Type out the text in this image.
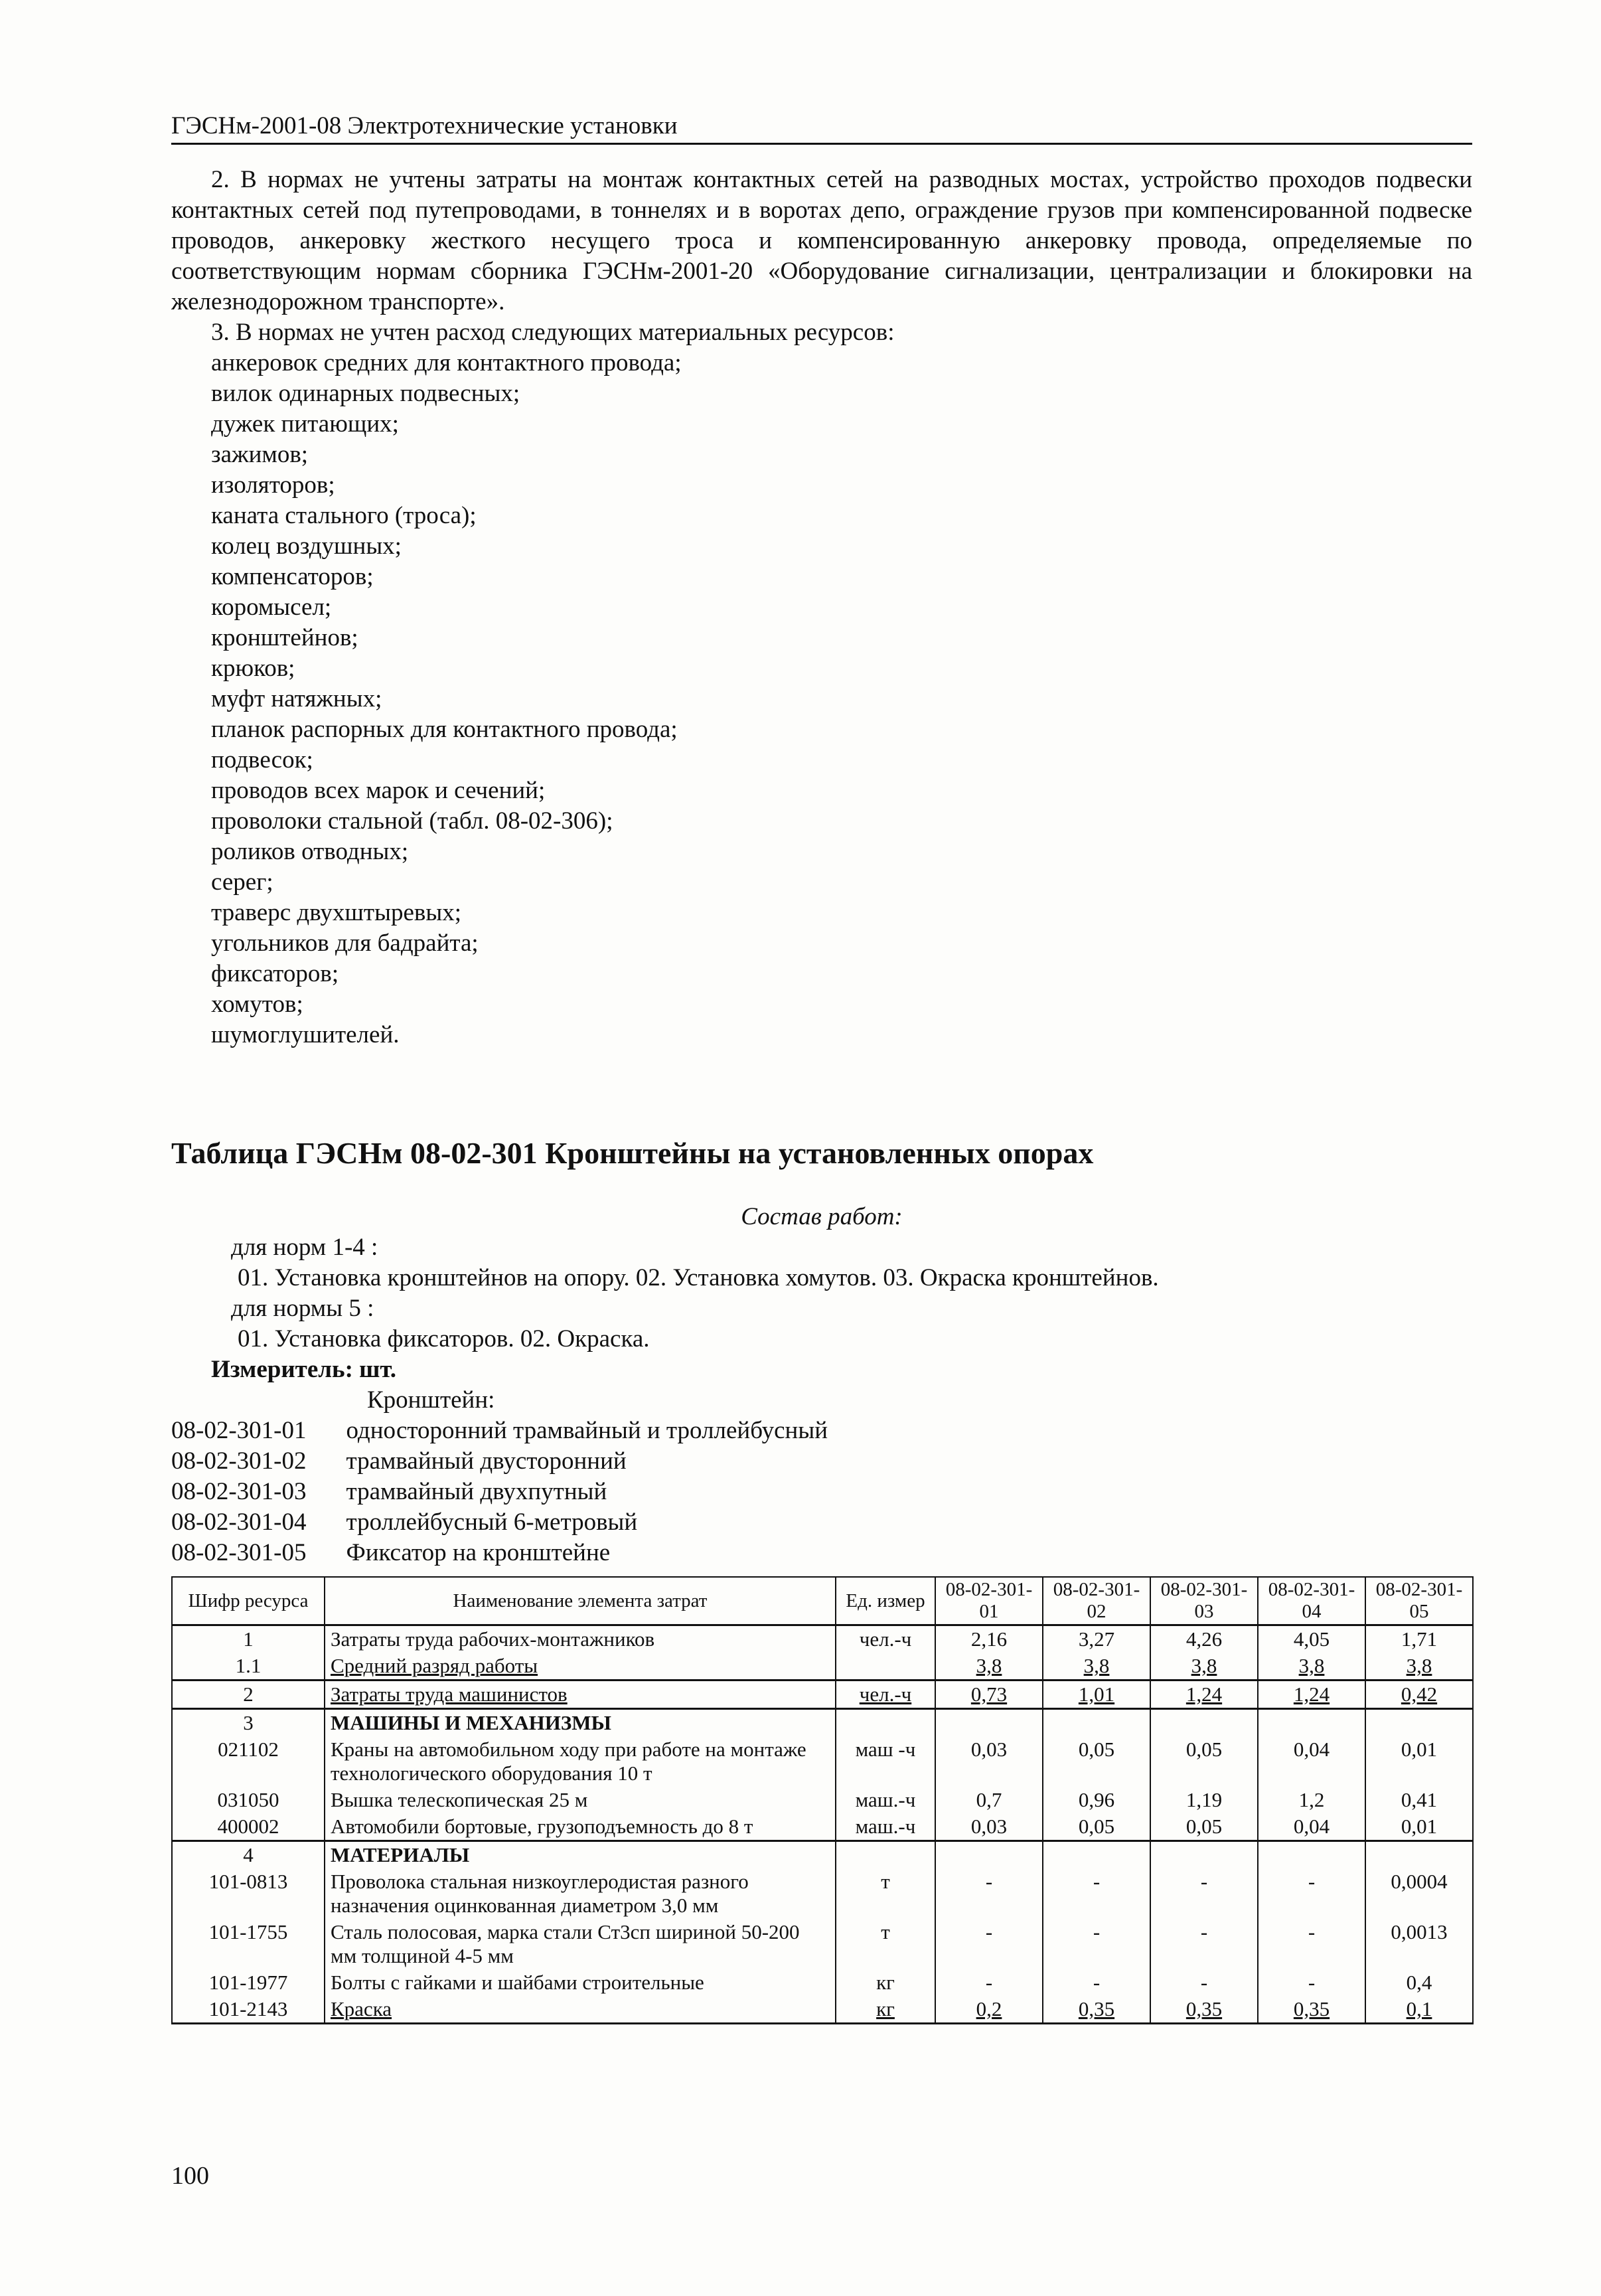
ГЭСНм-2001-08 Электротехнические установки

2. В нормах не учтены затраты на монтаж контактных сетей на разводных мостах, устройство проходов подвески контактных сетей под путепроводами, в тоннелях и в воротах депо, ограждение грузов при компенсированной подвеске проводов, анкеровку жесткого несущего троса и компенсированную анкеровку провода, определяемые по соответствующим нормам сборника ГЭСНм-2001-20 «Оборудование сигнализации, централизации и блокировки на железнодорожном транспорте».

3. В нормах не учтен расход следующих материальных ресурсов:

анкеровок средних для контактного провода;
вилок одинарных подвесных;
дужек питающих;
зажимов;
изоляторов;
каната стального (троса);
колец воздушных;
компенсаторов;
коромысел;
кронштейнов;
крюков;
муфт натяжных;
планок распорных для контактного провода;
подвесок;
проводов всех марок и сечений;
проволоки стальной (табл. 08-02-306);
роликов отводных;
серег;
траверс двухштыревых;
угольников для бадрайта;
фиксаторов;
хомутов;
шумоглушителей.
Таблица ГЭСНм 08-02-301 Кронштейны на установленных опорах
Состав работ:
для норм 1-4 :
01. Установка кронштейнов на опору. 02. Установка хомутов. 03. Окраска кронштейнов.
для нормы 5 :
01. Установка фиксаторов. 02. Окраска.
Измеритель: шт.
Кронштейн:
08-02-301-01	односторонний трамвайный и троллейбусный
08-02-301-02	трамвайный двусторонний
08-02-301-03	трамвайный двухпутный
08-02-301-04	троллейбусный 6-метровый
08-02-301-05	Фиксатор на кронштейне
Шифр ресурса	Наименование элемента затрат	Ед. измер	08-02-301-01	08-02-301-02	08-02-301-03	08-02-301-04	08-02-301-05
1	Затраты труда рабочих-монтажников	чел.-ч	2,16	3,27	4,26	4,05	1,71
1.1	Средний разряд работы		3,8	3,8	3,8	3,8	3,8
2	Затраты труда машинистов	чел.-ч	0,73	1,01	1,24	1,24	0,42
3	МАШИНЫ И МЕХАНИЗМЫ						
021102	Краны на автомобильном ходу при работе на монтаже технологического оборудования 10 т	маш -ч	0,03	0,05	0,05	0,04	0,01
031050	Вышка телескопическая 25 м	маш.-ч	0,7	0,96	1,19	1,2	0,41
400002	Автомобили бортовые, грузоподъемность до 8 т	маш.-ч	0,03	0,05	0,05	0,04	0,01
4	МАТЕРИАЛЫ						
101-0813	Проволока стальная низкоуглеродистая разного назначения оцинкованная диаметром 3,0 мм	т	-	-	-	-	0,0004
101-1755	Сталь полосовая, марка стали Ст3сп шириной 50-200 мм толщиной 4-5 мм	т	-	-	-	-	0,0013
101-1977	Болты с гайками и шайбами строительные	кг	-	-	-	-	0,4
101-2143	Краска	кг	0,2	0,35	0,35	0,35	0,1
100
